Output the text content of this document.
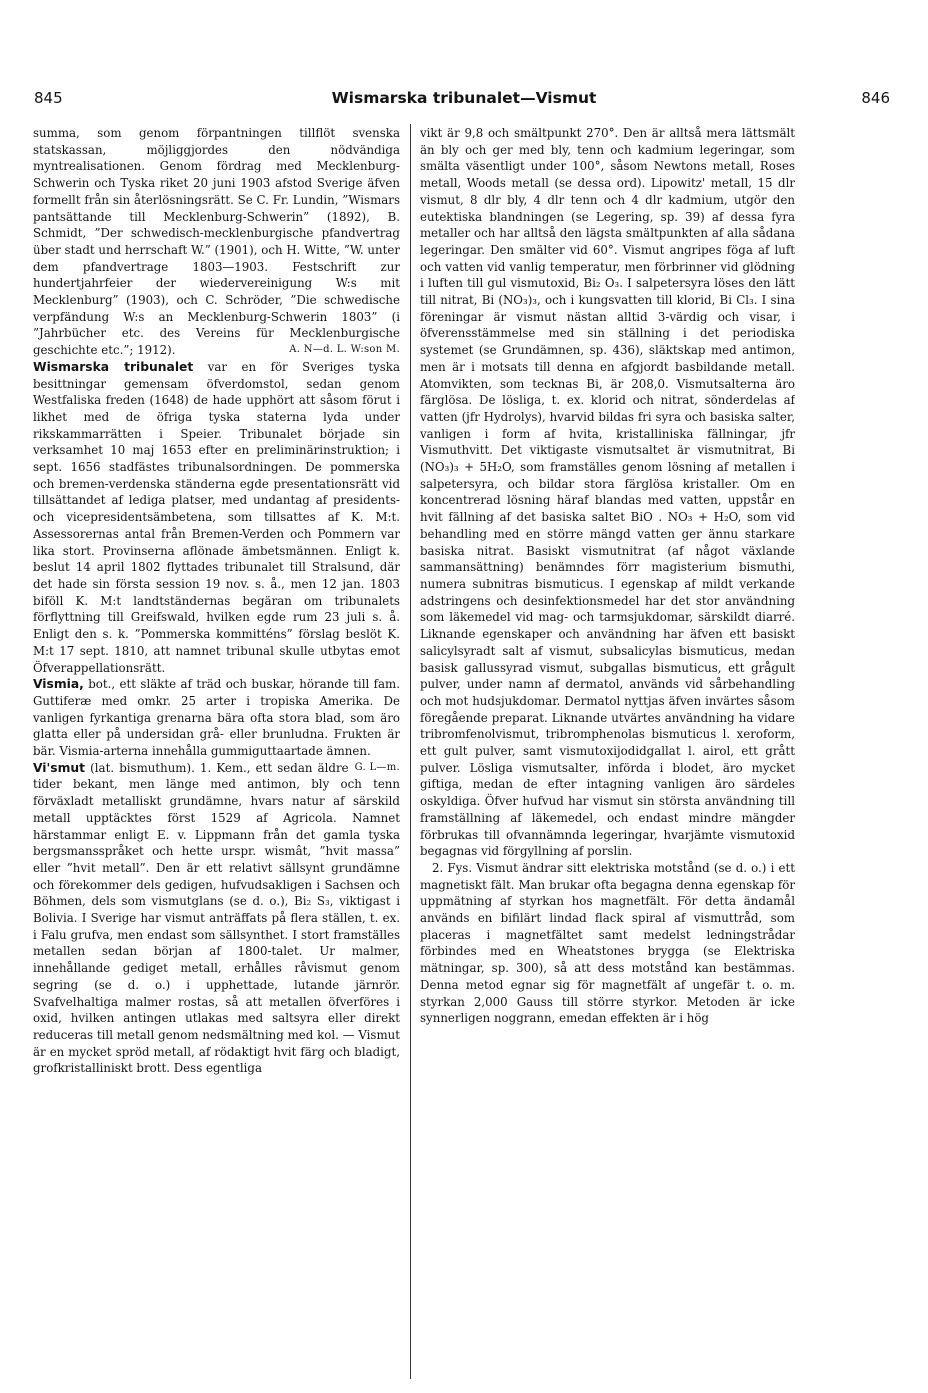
845	Wismarska tribunalet—Vismut	846

summa, som genom förpantningen tillflöt svenska statskassan, möjliggjordes den nödvändiga myntrealisationen. Genom fördrag med Mecklenburg-Schwerin och Tyska riket 20 juni 1903 afstod Sverige äfven formellt från sin återlösningsrätt. Se C. Fr. Lundin, ”Wismars pantsättande till Mecklenburg-Schwerin” (1892), B. Schmidt, ”Der schwedisch-mecklenburgische pfandvertrag über stadt und herrschaft W.” (1901), och H. Witte, ”W. unter dem pfandvertrage 1803—1903. Festschrift zur hundertjahrfeier der wiedervereinigung W:s mit Mecklenburg” (1903), och C. Schröder, ”Die schwedische verpfändung W:s an Mecklenburg-Schwerin 1803” (i ”Jahrbücher etc. des Vereins für Mecklenburgische geschichte etc.”; 1912).	A. N—d. L. W:son M.

Wismarska tribunalet var en för Sveriges tyska besittningar gemensam öfverdomstol, sedan genom Westfaliska freden (1648) de hade upphört att såsom förut i likhet med de öfriga tyska staterna lyda under rikskammarrätten i Speier. Tribunalet började sin verksamhet 10 maj 1653 efter en preliminärinstruktion; i sept. 1656 stadfästes tribunalsordningen. De pommerska och bremen-verdenska ständerna egde presentationsrätt vid tillsättandet af lediga platser, med undantag af presidents- och vicepresidentsämbetena, som tillsattes af K. M:t. Assessorernas antal från Bremen-Verden och Pommern var lika stort. Provinserna aflönade ämbetsmännen. Enligt k. beslut 14 april 1802 flyttades tribunalet till Stralsund, där det hade sin första session 19 nov. s. å., men 12 jan. 1803 biföll K. M:t landtständernas begäran om tribunalets förflyttning till Greifswald, hvilken egde rum 23 juli s. å. Enligt den s. k. ”Pommerska kommitténs” förslag beslöt K. M:t 17 sept. 1810, att namnet tribunal skulle utbytas emot Öfverappellationsrätt.

Vismia, bot., ett släkte af träd och buskar, hörande till fam. Guttiferæ med omkr. 25 arter i tropiska Amerika. De vanligen fyrkantiga grenarna bära ofta stora blad, som äro glatta eller på undersidan grå- eller brunludna. Frukten är bär. Vismia-arterna innehålla gummiguttaartade ämnen.
G. L—m.

Vi'smut (lat. bismuthum). 1. Kem., ett sedan äldre tider bekant, men länge med antimon, bly och tenn förväxladt metalliskt grundämne, hvars natur af särskild metall upptäcktes först 1529 af Agricola. Namnet härstammar enligt E. v. Lippmann från det gamla tyska bergsmansspråket och hette urspr. wismât, ”hvit massa” eller ”hvit metall”. Den är ett relativt sällsynt grundämne och förekommer dels gedigen, hufvudsakligen i Sachsen och Böhmen, dels som vismutglans (se d. o.), Bi₂ S₃, viktigast i Bolivia. I Sverige har vismut anträffats på flera ställen, t. ex. i Falu grufva, men endast som sällsynthet. I stort framställes metallen sedan början af 1800-talet. Ur malmer, innehållande gediget metall, erhålles råvismut genom segring (se d. o.) i upphettade, lutande järnrör. Svafvelhaltiga malmer rostas, så att metallen öfverföres i oxid, hvilken antingen utlakas med saltsyra eller direkt reduceras till metall genom nedsmältning med kol. — Vismut är en mycket spröd metall, af rödaktigt hvit färg och bladigt, grofkristalliniskt brott. Dess egentliga

vikt är 9,8 och smältpunkt 270°. Den är alltså mera lättsmält än bly och ger med bly, tenn och kadmium legeringar, som smälta väsentligt under 100°, såsom Newtons metall, Roses metall, Woods metall (se dessa ord). Lipowitz' metall, 15 dlr vismut, 8 dlr bly, 4 dlr tenn och 4 dlr kadmium, utgör den eutektiska blandningen (se Legering, sp. 39) af dessa fyra metaller och har alltså den lägsta smältpunkten af alla sådana legeringar. Den smälter vid 60°. Vismut angripes föga af luft och vatten vid vanlig temperatur, men förbrinner vid glödning i luften till gul vismutoxid, Bi₂ O₃. I salpetersyra löses den lätt till nitrat, Bi (NO₃)₃, och i kungsvatten till klorid, Bi Cl₃. I sina föreningar är vismut nästan alltid 3-värdig och visar, i öfverensstämmelse med sin ställning i det periodiska systemet (se Grundämnen, sp. 436), släktskap med antimon, men är i motsats till denna en afgjordt basbildande metall. Atomvikten, som tecknas Bi, är 208,0. Vismutsalterna äro färglösa. De lösliga, t. ex. klorid och nitrat, sönderdelas af vatten (jfr Hydrolys), hvarvid bildas fri syra och basiska salter, vanligen i form af hvita, kristalliniska fällningar, jfr Vismuthvitt. Det viktigaste vismutsaltet är vismutnitrat, Bi (NO₃)₃ + 5H₂O, som framställes genom lösning af metallen i salpetersyra, och bildar stora färglösa kristaller. Om en koncentrerad lösning häraf blandas med vatten, uppstår en hvit fällning af det basiska saltet BiO . NO₃ + H₂O, som vid behandling med en större mängd vatten ger ännu starkare basiska nitrat. Basiskt vismutnitrat (af något växlande sammansättning) benämndes förr magisterium bismuthi, numera subnitras bismuticus. I egenskap af mildt verkande adstringens och desinfektionsmedel har det stor användning som läkemedel vid mag- och tarmsjukdomar, särskildt diarré. Liknande egenskaper och användning har äfven ett basiskt salicylsyradt salt af vismut, subsalicylas bismuticus, medan basisk gallussyrad vismut, subgallas bismuticus, ett grågult pulver, under namn af dermatol, används vid sårbehandling och mot hudsjukdomar. Dermatol nyttjas äfven invärtes såsom föregående preparat. Liknande utvärtes användning ha vidare tribromfenolvismut, tribromphenolas bismuticus l. xeroform, ett gult pulver, samt vismutoxijodidgallat l. airol, ett grått pulver. Lösliga vismutsalter, införda i blodet, äro mycket giftiga, medan de efter intagning vanligen äro särdeles oskyldiga. Öfver hufvud har vismut sin största användning till framställning af läkemedel, och endast mindre mängder förbrukas till ofvannämnda legeringar, hvarjämte vismutoxid begagnas vid förgyllning af porslin.

2. Fys. Vismut ändrar sitt elektriska motstånd (se d. o.) i ett magnetiskt fält. Man brukar ofta begagna denna egenskap för uppmätning af styrkan hos magnetfält. För detta ändamål används en bifilärt lindad flack spiral af vismuttråd, som placeras i magnetfältet samt medelst ledningstrådar förbindes med en Wheatstones brygga (se Elektriska mätningar, sp. 300), så att dess motstånd kan bestämmas. Denna metod egnar sig för magnetfält af ungefär t. o. m. styrkan 2,000 Gauss till större styrkor. Metoden är icke synnerligen noggrann, emedan effekten är i hög
